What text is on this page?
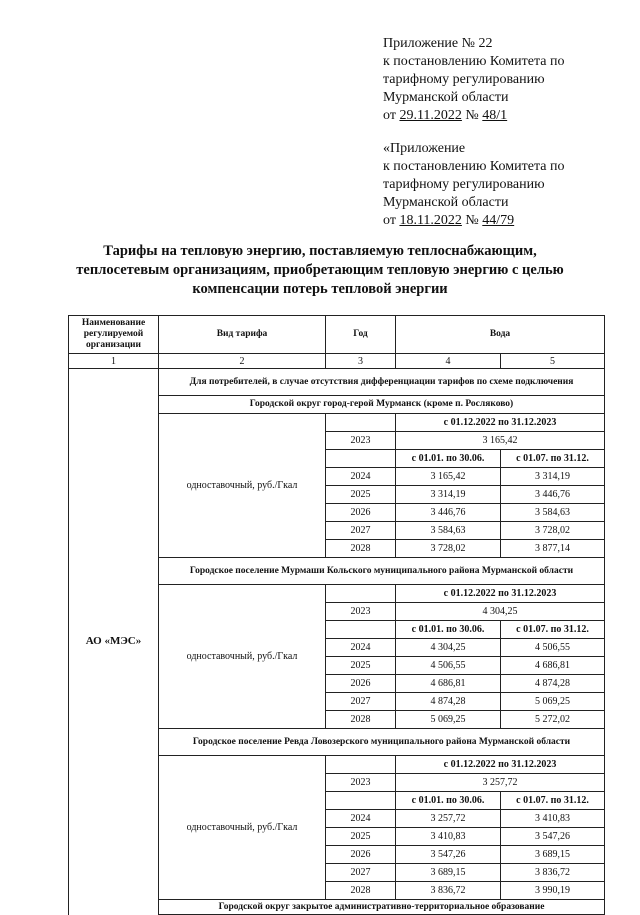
Приложение № 22
к постановлению Комитета по
тарифному регулированию
Мурманской области
от 29.11.2022 № 48/1
«Приложение
к постановлению Комитета по
тарифному регулированию
Мурманской области
от 18.11.2022 № 44/79
Тарифы на тепловую энергию, поставляемую теплоснабжающим,
теплосетевым организациям, приобретающим тепловую энергию с целью
компенсации потерь тепловой энергии
Наименование регулируемой организации	Вид тарифа	Год	Вода	
1	2	3	4	5
АО «МЭС»	Для потребителей, в случае отсутствия дифференциации тарифов по схеме подключения			
	Городской округ город-герой Мурманск (кроме п. Росляково)			
	одноставочный, руб./Гкал		с 01.12.2022 по 31.12.2023	
		2023	3 165,42	
			с 01.01. по 30.06.	с 01.07. по 31.12.
		2024	3 165,42	3 314,19
		2025	3 314,19	3 446,76
		2026	3 446,76	3 584,63
		2027	3 584,63	3 728,02
		2028	3 728,02	3 877,14
	Городское поселение Мурмаши Кольского муниципального района Мурманской области			
	одноставочный, руб./Гкал		с 01.12.2022 по 31.12.2023	
		2023	4 304,25	
			с 01.01. по 30.06.	с 01.07. по 31.12.
		2024	4 304,25	4 506,55
		2025	4 506,55	4 686,81
		2026	4 686,81	4 874,28
		2027	4 874,28	5 069,25
		2028	5 069,25	5 272,02
	Городское поселение Ревда Ловозерского муниципального района Мурманской области			
	одноставочный, руб./Гкал		с 01.12.2022 по 31.12.2023	
		2023	3 257,72	
			с 01.01. по 30.06.	с 01.07. по 31.12.
		2024	3 257,72	3 410,83
		2025	3 410,83	3 547,26
		2026	3 547,26	3 689,15
		2027	3 689,15	3 836,72
		2028	3 836,72	3 990,19
	Городской округ закрытое административно-территориальное образование			
